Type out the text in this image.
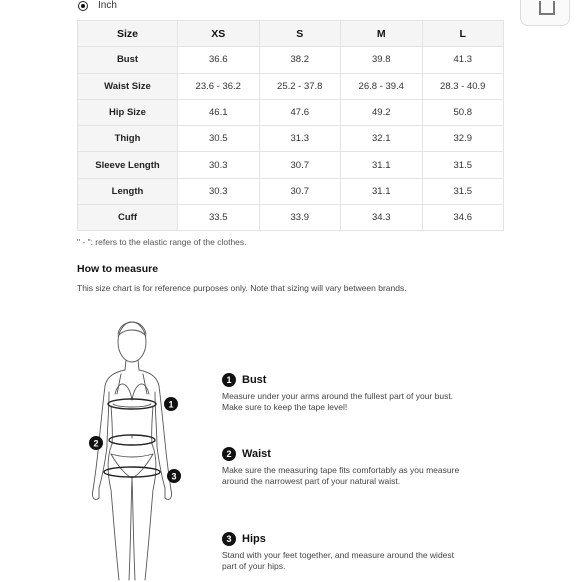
Inch
Size	XS	S	M	L
Bust	36.6	38.2	39.8	41.3
Waist Size	23.6 - 36.2	25.2 - 37.8	26.8 - 39.4	28.3 - 40.9
Hip Size	46.1	47.6	49.2	50.8
Thigh	30.5	31.3	32.1	32.9
Sleeve Length	30.3	30.7	31.1	31.5
Length	30.3	30.7	31.1	31.5
Cuff	33.5	33.9	34.3	34.6
" - ": refers to the elastic range of the clothes.
How to measure
This size chart is for reference purposes only. Note that sizing will vary between brands.
1
2
3
1 Bust
Measure under your arms around the fullest part of your bust. Make sure to keep the tape level!
2 Waist
Make sure the measuring tape fits comfortably as you measure around the narrowest part of your natural waist.
3 Hips
Stand with your feet together, and measure around the widest part of your hips.
